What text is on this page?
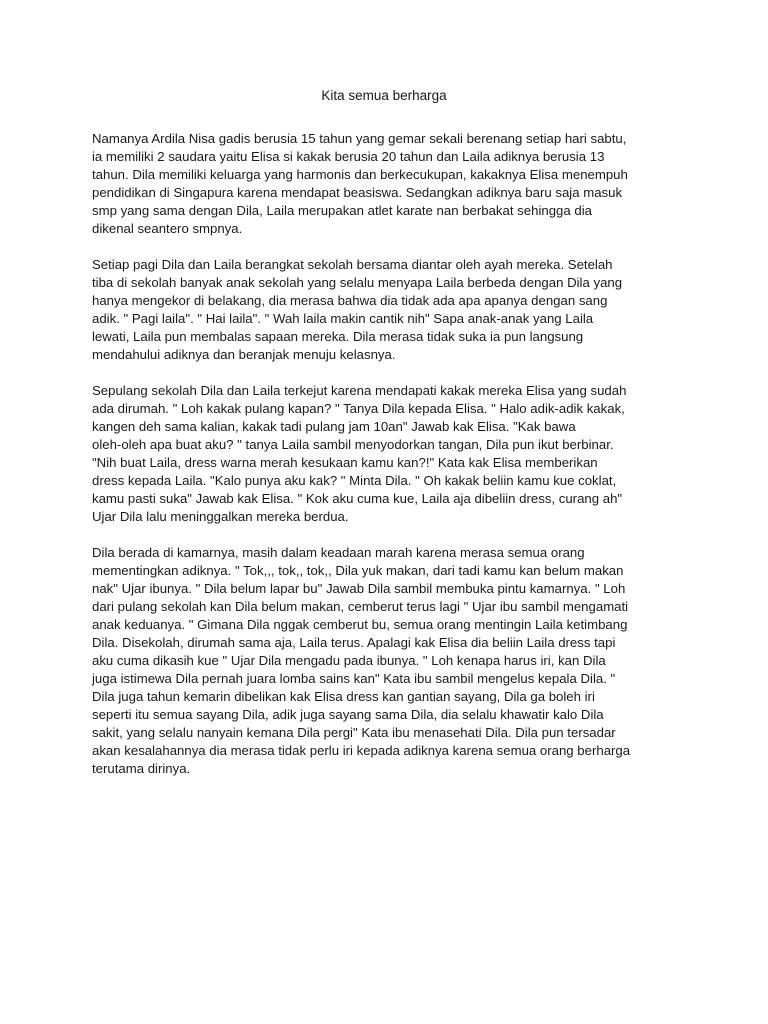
Kita semua berharga

Namanya Ardila Nisa gadis berusia 15 tahun yang gemar sekali berenang setiap hari sabtu,
ia memiliki 2 saudara yaitu Elisa si kakak berusia 20 tahun dan Laila adiknya berusia 13
tahun. Dila memiliki keluarga yang harmonis dan berkecukupan, kakaknya Elisa menempuh
pendidikan di Singapura karena mendapat beasiswa. Sedangkan adiknya baru saja masuk
smp yang sama dengan Dila, Laila merupakan atlet karate nan berbakat sehingga dia
dikenal seantero smpnya.

Setiap pagi Dila dan Laila berangkat sekolah bersama diantar oleh ayah mereka. Setelah
tiba di sekolah banyak anak sekolah yang selalu menyapa Laila berbeda dengan Dila yang
hanya mengekor di belakang, dia merasa bahwa dia tidak ada apa apanya dengan sang
adik. " Pagi laila". " Hai laila". " Wah laila makin cantik nih" Sapa anak-anak yang Laila
lewati, Laila pun membalas sapaan mereka. Dila merasa tidak suka ia pun langsung
mendahului adiknya dan beranjak menuju kelasnya.

Sepulang sekolah Dila dan Laila terkejut karena mendapati kakak mereka Elisa yang sudah
ada dirumah. " Loh kakak pulang kapan? " Tanya Dila kepada Elisa. " Halo adik-adik kakak,
kangen deh sama kalian, kakak tadi pulang jam 10an" Jawab kak Elisa. "Kak bawa
oleh-oleh apa buat aku? " tanya Laila sambil menyodorkan tangan, Dila pun ikut berbinar.
"Nih buat Laila, dress warna merah kesukaan kamu kan?!" Kata kak Elisa memberikan
dress kepada Laila. "Kalo punya aku kak? " Minta Dila. " Oh kakak beliin kamu kue coklat,
kamu pasti suka" Jawab kak Elisa. " Kok aku cuma kue, Laila aja dibeliin dress, curang ah"
Ujar Dila lalu meninggalkan mereka berdua.

Dila berada di kamarnya, masih dalam keadaan marah karena merasa semua orang
mementingkan adiknya. " Tok,,, tok,, tok,, Dila yuk makan, dari tadi kamu kan belum makan
nak" Ujar ibunya. " Dila belum lapar bu" Jawab Dila sambil membuka pintu kamarnya. " Loh
dari pulang sekolah kan Dila belum makan, cemberut terus lagi " Ujar ibu sambil mengamati
anak keduanya. " Gimana Dila nggak cemberut bu, semua orang mentingin Laila ketimbang
Dila. Disekolah, dirumah sama aja, Laila terus. Apalagi kak Elisa dia beliin Laila dress tapi
aku cuma dikasih kue " Ujar Dila mengadu pada ibunya. " Loh kenapa harus iri, kan Dila
juga istimewa Dila pernah juara lomba sains kan" Kata ibu sambil mengelus kepala Dila. "
Dila juga tahun kemarin dibelikan kak Elisa dress kan gantian sayang, Dila ga boleh iri
seperti itu semua sayang Dila, adik juga sayang sama Dila, dia selalu khawatir kalo Dila
sakit, yang selalu nanyain kemana Dila pergi" Kata ibu menasehati Dila. Dila pun tersadar
akan kesalahannya dia merasa tidak perlu iri kepada adiknya karena semua orang berharga
terutama dirinya.
